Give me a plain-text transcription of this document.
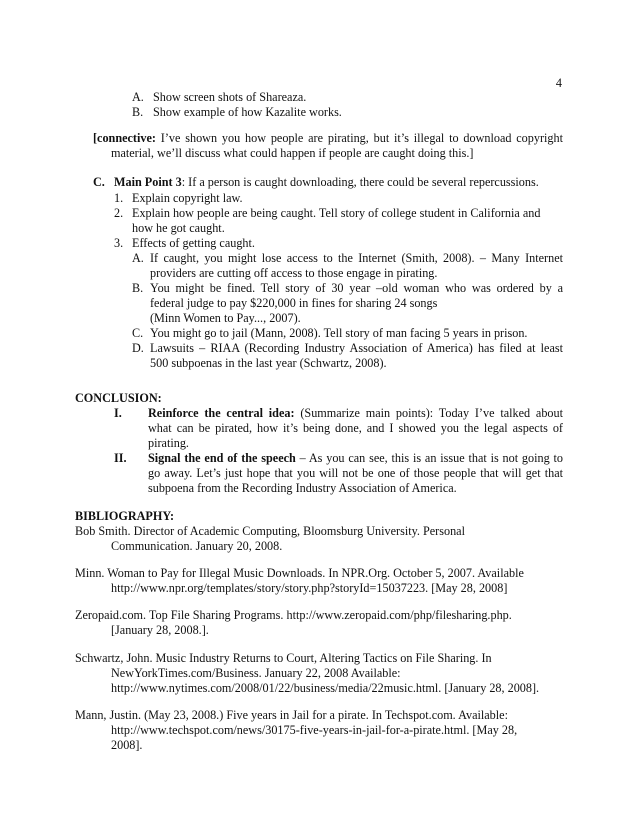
4
A. Show screen shots of Shareaza.
B. Show example of how Kazalite works.
[connective: I’ve shown you how people are pirating, but it’s illegal to download copyright
material, we’ll discuss what could happen if people are caught doing this.]
C. Main Point 3: If a person is caught downloading, there could be several repercussions.
1. Explain copyright law.
2. Explain how people are being caught. Tell story of college student in California and
how he got caught.
3. Effects of getting caught.
A. If caught, you might lose access to the Internet (Smith, 2008). – Many Internet
providers are cutting off access to those engage in pirating.
B. You might be fined. Tell story of 30 year –old woman who was ordered by a
federal judge to pay $220,000 in fines for sharing 24 songs
(Minn Women to Pay..., 2007).
C. You might go to jail (Mann, 2008). Tell story of man facing 5 years in prison.
D. Lawsuits – RIAA (Recording Industry Association of America) has filed at least
500 subpoenas in the last year (Schwartz, 2008).
CONCLUSION:
I. Reinforce the central idea: (Summarize main points): Today I’ve talked about
what can be pirated, how it’s being done, and I showed you the legal aspects of
pirating.
II. Signal the end of the speech – As you can see, this is an issue that is not going to
go away. Let’s just hope that you will not be one of those people that will get that
subpoena from the Recording Industry Association of America.
BIBLIOGRAPHY:
Bob Smith. Director of Academic Computing, Bloomsburg University. Personal
Communication. January 20, 2008.
Minn. Woman to Pay for Illegal Music Downloads. In NPR.Org. October 5, 2007. Available
http://www.npr.org/templates/story/story.php?storyId=15037223. [May 28, 2008]
Zeropaid.com. Top File Sharing Programs. http://www.zeropaid.com/php/filesharing.php.
[January 28, 2008.].
Schwartz, John. Music Industry Returns to Court, Altering Tactics on File Sharing. In
NewYorkTimes.com/Business. January 22, 2008 Available:
http://www.nytimes.com/2008/01/22/business/media/22music.html. [January 28, 2008].
Mann, Justin. (May 23, 2008.) Five years in Jail for a pirate. In Techspot.com. Available:
http://www.techspot.com/news/30175-five-years-in-jail-for-a-pirate.html. [May 28,
2008].
